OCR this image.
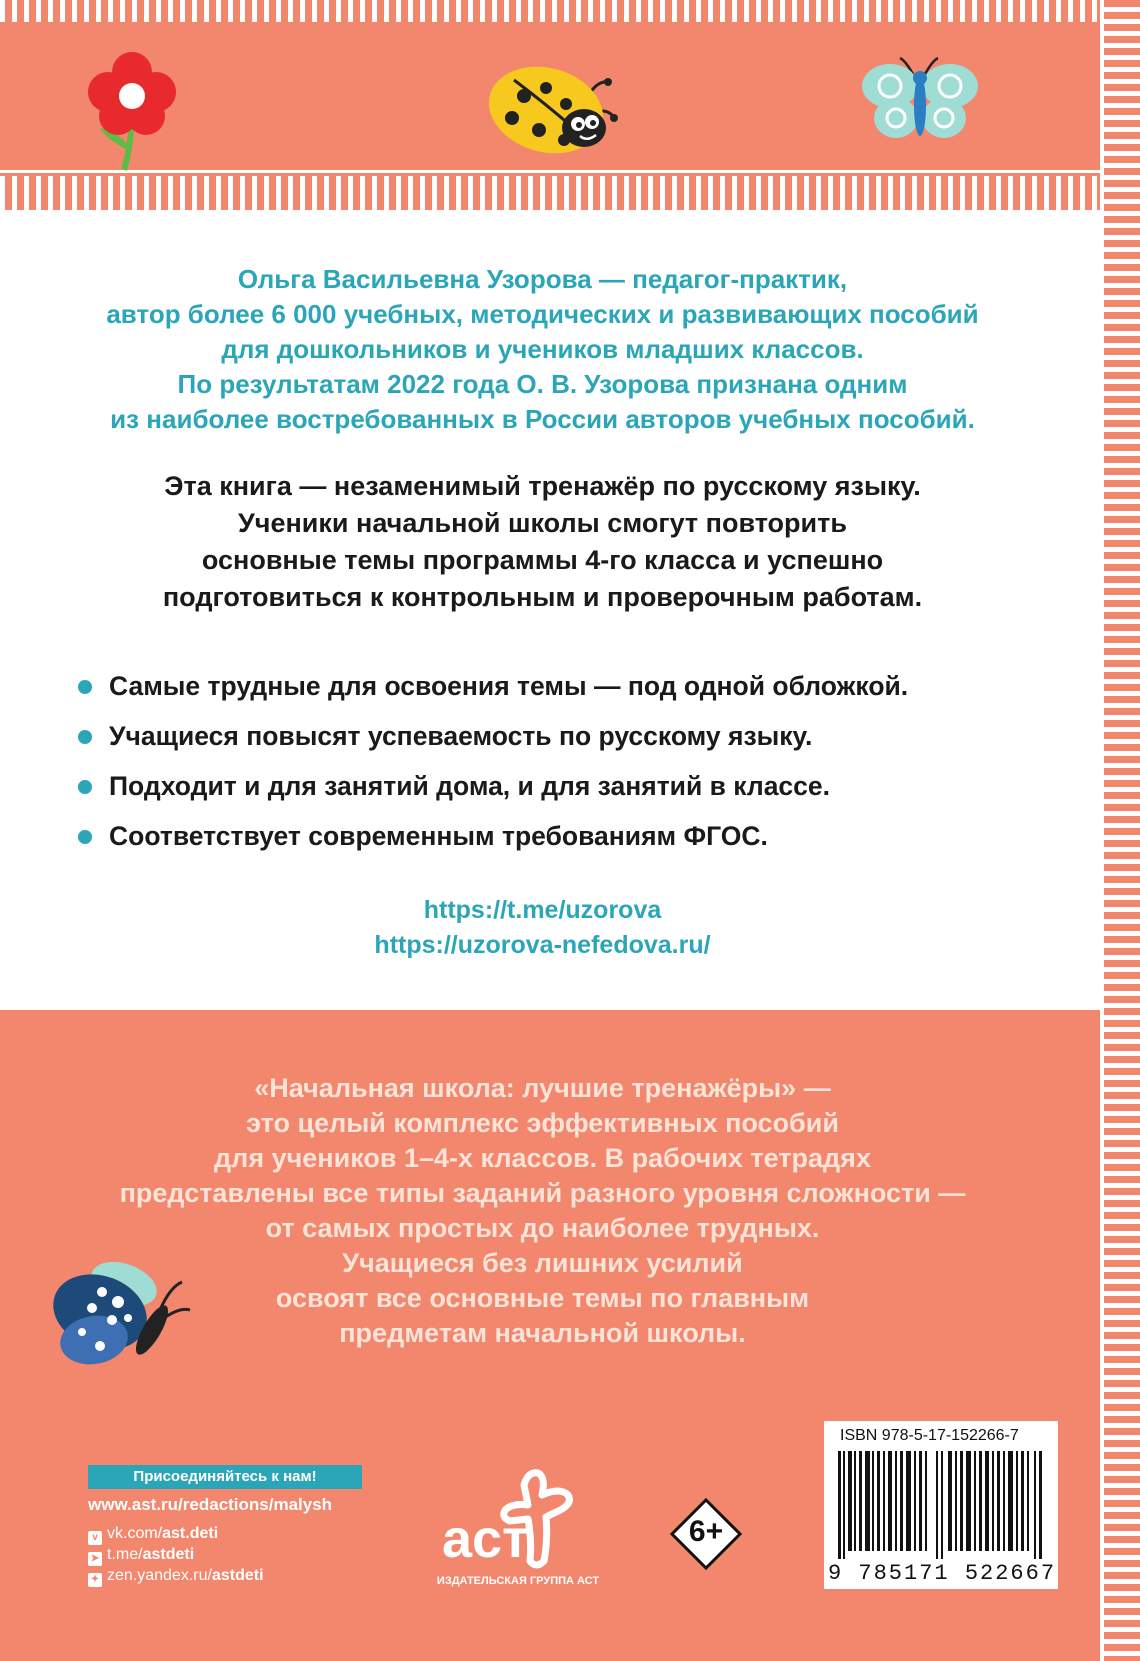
Ольга Васильевна Узорова — педагог-практик,
автор более 6 000 учебных, методических и развивающих пособий
для дошкольников и учеников младших классов.
По результатам 2022 года О. В. Узорова признана одним
из наиболее востребованных в России авторов учебных пособий.
Эта книга — незаменимый тренажёр по русскому языку.
Ученики начальной школы смогут повторить
основные темы программы 4-го класса и успешно
подготовиться к контрольным и проверочным работам.
Самые трудные для освоения темы — под одной обложкой.
Учащиеся повысят успеваемость по русскому языку.
Подходит и для занятий дома, и для занятий в классе.
Соответствует современным требованиям ФГОС.
https://t.me/uzorova
https://uzorova-nefedova.ru/
«Начальная школа: лучшие тренажёры» —
это целый комплекс эффективных пособий
для учеников 1–4-х классов. В рабочих тетрадях
представлены все типы заданий разного уровня сложности —
от самых простых до наиболее трудных.
Учащиеся без лишних усилий
освоят все основные темы по главным
предметам начальной школы.
Присоединяйтесь к нам!
www.ast.ru/redactions/malysh
v vk.com/ast.deti
➤ t.me/astdeti
✦ zen.yandex.ru/astdeti
аст
ИЗДАТЕЛЬСКАЯ ГРУППА АСТ
6+
ISBN 978-5-17-152266-7
9 785171 522667
